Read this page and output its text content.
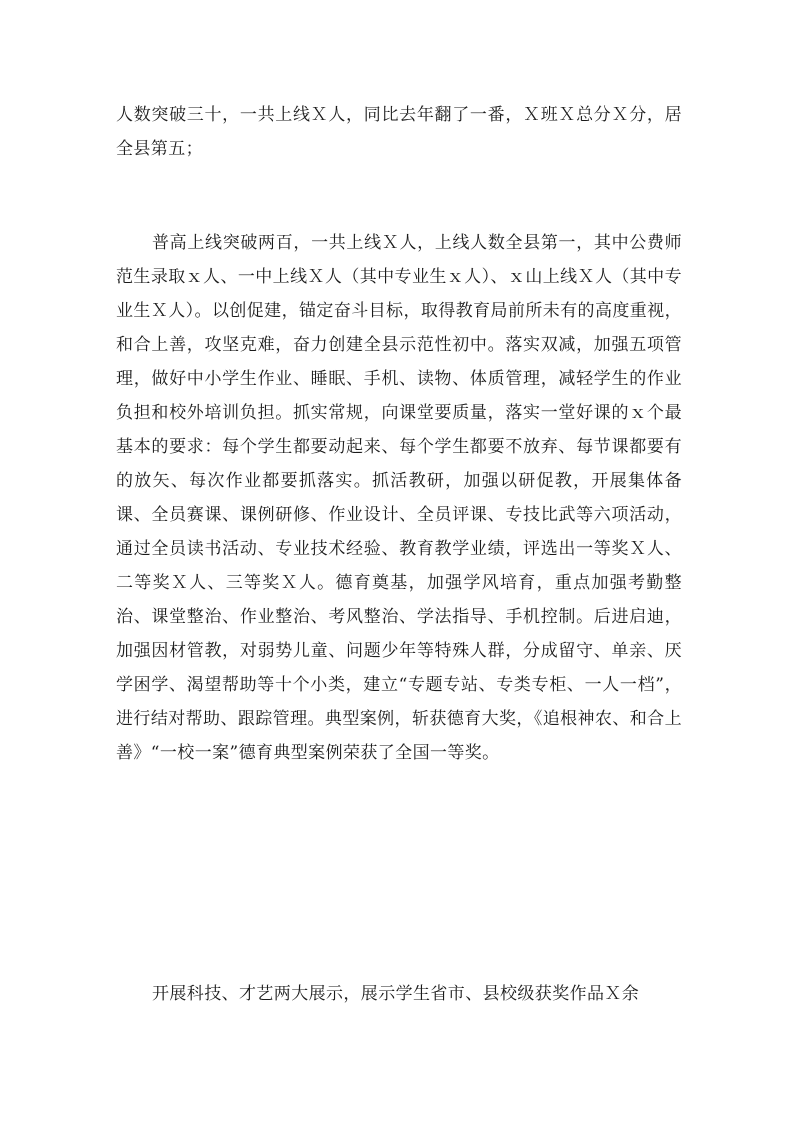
人数突破三十，一共上线Ｘ人，同比去年翻了一番，Ｘ班Ｘ总分Ｘ分，居全县第五；

普高上线突破两百，一共上线Ｘ人，上线人数全县第一，其中公费师范生录取ｘ人、一中上线Ｘ人（其中专业生ｘ人）、ｘ山上线Ｘ人（其中专业生Ｘ人）。以创促建，锚定奋斗目标，取得教育局前所未有的高度重视，和合上善，攻坚克难，奋力创建全县示范性初中。落实双减，加强五项管理，做好中小学生作业、睡眠、手机、读物、体质管理，减轻学生的作业负担和校外培训负担。抓实常规，向课堂要质量，落实一堂好课的ｘ个最基本的要求：每个学生都要动起来、每个学生都要不放弃、每节课都要有的放矢、每次作业都要抓落实。抓活教研，加强以研促教，开展集体备课、全员赛课、课例研修、作业设计、全员评课、专技比武等六项活动，通过全员读书活动、专业技术经验、教育教学业绩，评选出一等奖Ｘ人、二等奖Ｘ人、三等奖Ｘ人。德育奠基，加强学风培育，重点加强考勤整治、课堂整治、作业整治、考风整治、学法指导、手机控制。后进启迪，加强因材管教，对弱势儿童、问题少年等特殊人群，分成留守、单亲、厌学困学、渴望帮助等十个小类，建立“专题专站、专类专柜、一人一档”，进行结对帮助、跟踪管理。典型案例，斩获德育大奖，《追根神农、和合上善》“一校一案”德育典型案例荣获了全国一等奖。

开展科技、才艺两大展示，展示学生省市、县校级获奖作品Ｘ余
